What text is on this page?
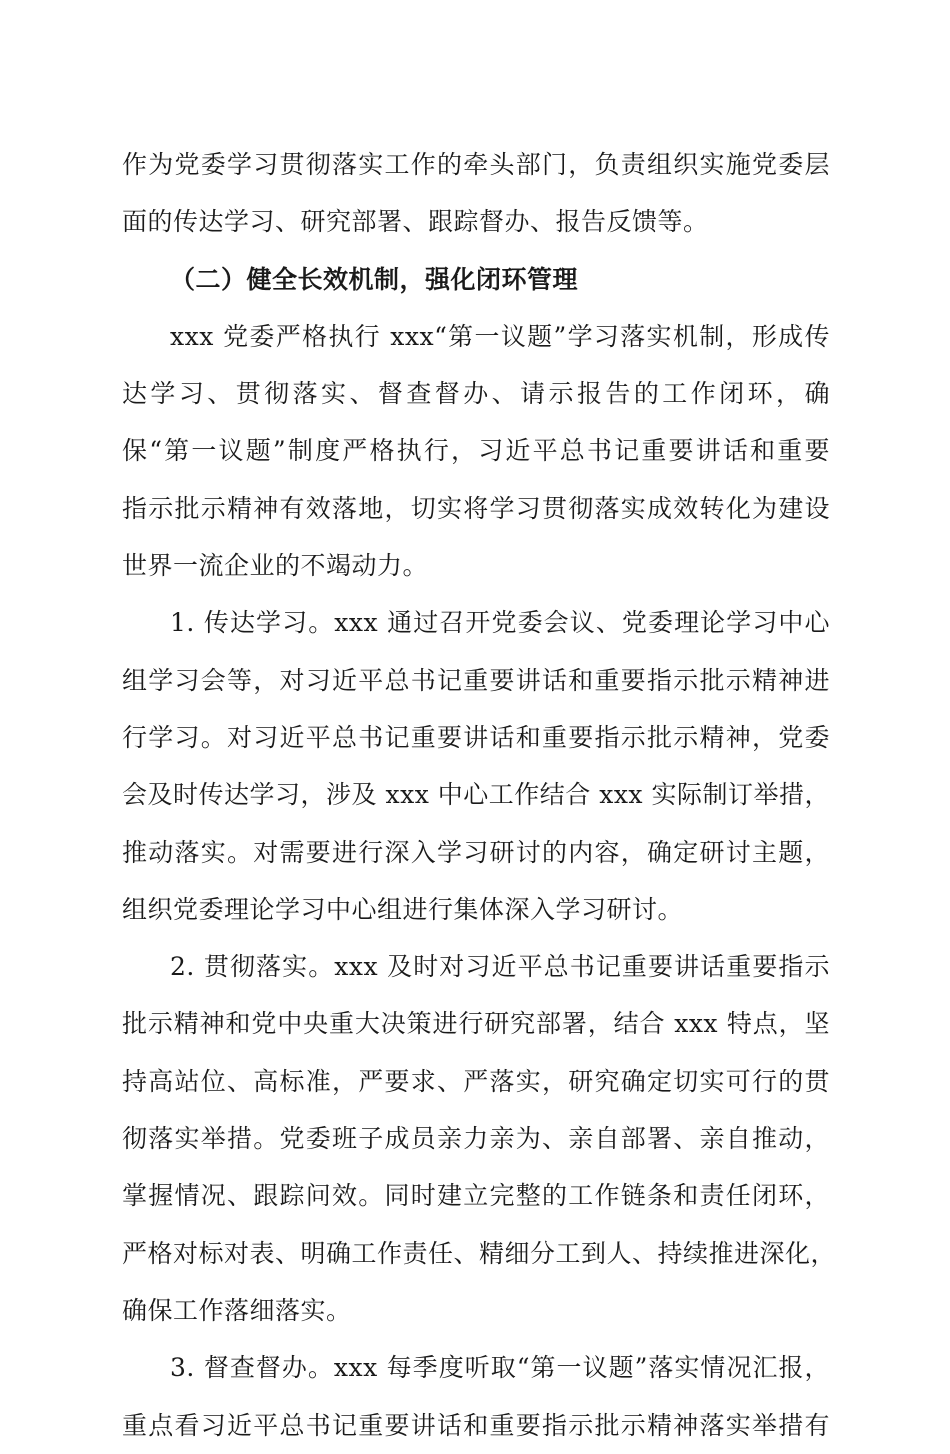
作为党委学习贯彻落实工作的牵头部门，负责组织实施党委层
面的传达学习、研究部署、跟踪督办、报告反馈等。
（二）健全长效机制，强化闭环管理
xxx 党委严格执行 xxx“第一议题”学习落实机制，形成传
达学习、贯彻落实、督查督办、请示报告的工作闭环，确
保“第一议题”制度严格执行，习近平总书记重要讲话和重要
指示批示精神有效落地，切实将学习贯彻落实成效转化为建设
世界一流企业的不竭动力。
1. 传达学习。xxx 通过召开党委会议、党委理论学习中心
组学习会等，对习近平总书记重要讲话和重要指示批示精神进
行学习。对习近平总书记重要讲话和重要指示批示精神，党委
会及时传达学习，涉及 xxx 中心工作结合 xxx 实际制订举措，
推动落实。对需要进行深入学习研讨的内容，确定研讨主题，
组织党委理论学习中心组进行集体深入学习研讨。
2. 贯彻落实。xxx 及时对习近平总书记重要讲话重要指示
批示精神和党中央重大决策进行研究部署，结合 xxx 特点，坚
持高站位、高标准，严要求、严落实，研究确定切实可行的贯
彻落实举措。党委班子成员亲力亲为、亲自部署、亲自推动，
掌握情况、跟踪问效。同时建立完整的工作链条和责任闭环，
严格对标对表、明确工作责任、精细分工到人、持续推进深化，
确保工作落细落实。
3. 督查督办。xxx 每季度听取“第一议题”落实情况汇报，
重点看习近平总书记重要讲话和重要指示批示精神落实举措有
